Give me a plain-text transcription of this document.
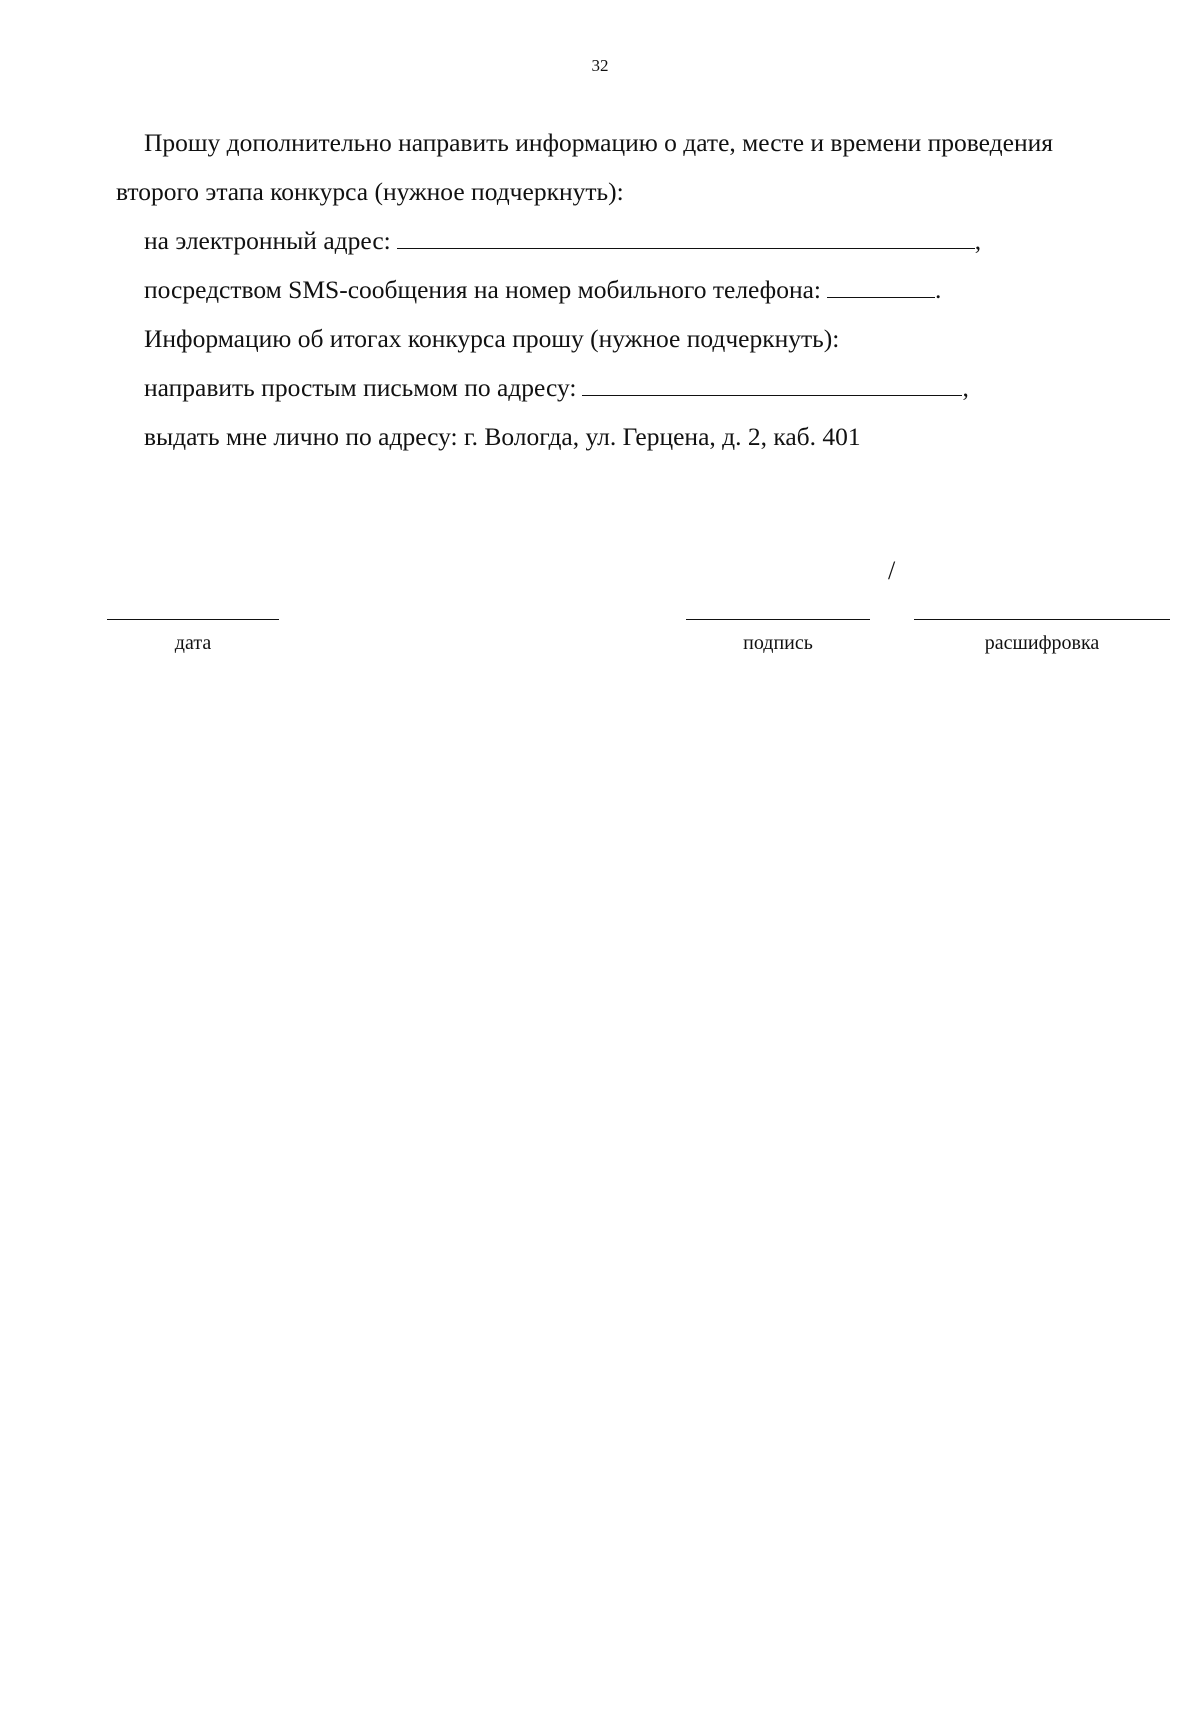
32
Прошу дополнительно направить информацию о дате, месте и времени проведения
второго этапа конкурса (нужное подчеркнуть):
на электронный адрес:	,
посредством SMS-сообщения на номер мобильного телефона:	.
Информацию об итогах конкурса прошу (нужное подчеркнуть):
направить простым письмом по адресу:	,
выдать мне лично по адресу: г. Вологда, ул. Герцена, д. 2, каб. 401
/
дата	подпись	расшифровка
